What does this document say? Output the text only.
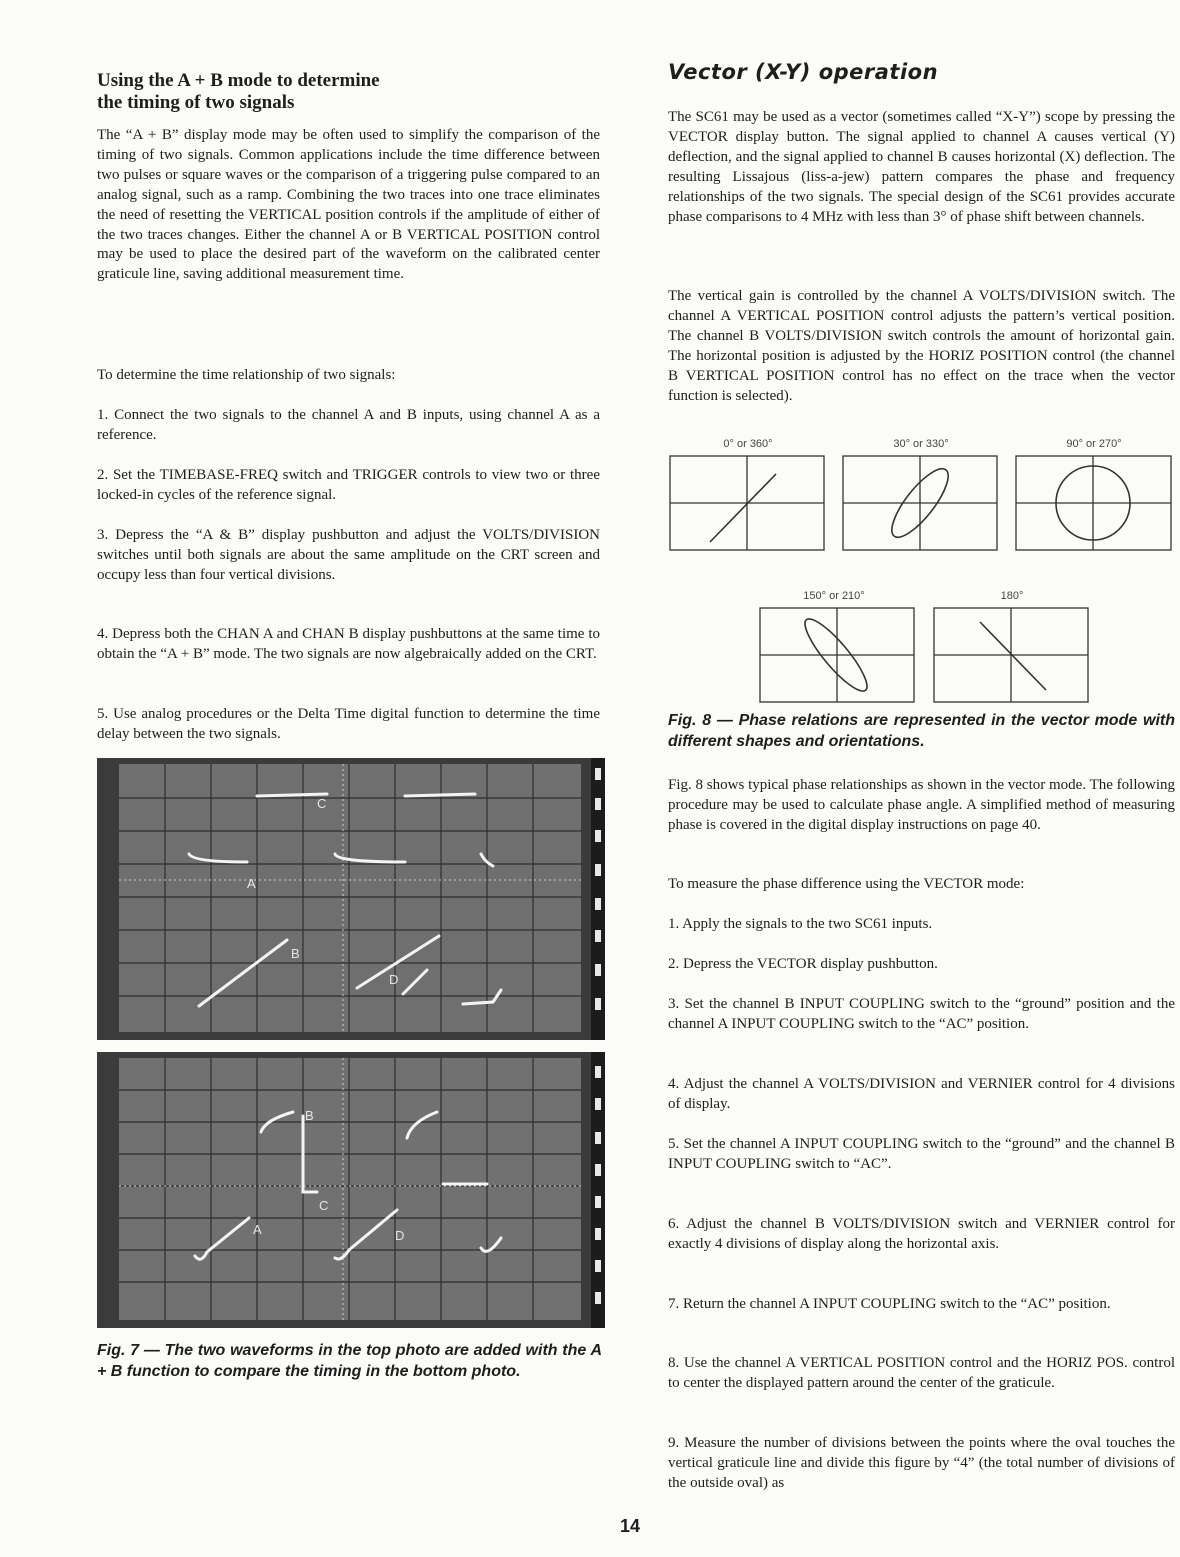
Using the A + B mode to determine
the timing of two signals

The “A + B” display mode may be often used to simplify the comparison of the timing of two signals. Common applications include the time difference between two pulses or square waves or the comparison of a triggering pulse compared to an analog signal, such as a ramp. Combining the two traces into one trace eliminates the need of resetting the VERTICAL position controls if the amplitude of either of the two traces changes. Either the channel A or B VERTICAL POSITION control may be used to place the desired part of the waveform on the calibrated center graticule line, saving additional measurement time.

To determine the time relationship of two signals:

1. Connect the two signals to the channel A and B inputs, using channel A as a reference.

2. Set the TIMEBASE-FREQ switch and TRIGGER controls to view two or three locked-in cycles of the reference signal.

3. Depress the “A & B” display pushbutton and adjust the VOLTS/DIVISION switches until both signals are about the same amplitude on the CRT screen and occupy less than four vertical divisions.

4. Depress both the CHAN A and CHAN B display pushbuttons at the same time to obtain the “A + B” mode. The two signals are now algebraically added on the CRT.

5. Use analog procedures or the Delta Time digital function to determine the time delay between the two signals.

C
A
B
D
B
C
A	D

Fig. 7 — The two waveforms in the top photo are added with the A + B function to compare the timing in the bottom photo.

Vector (X-Y) operation

The SC61 may be used as a vector (sometimes called “X-Y”) scope by pressing the VECTOR display button. The signal applied to channel A causes vertical (Y) deflection, and the signal applied to channel B causes horizontal (X) deflection. The resulting Lissajous (liss-a-jew) pattern compares the phase and frequency relationships of the two signals. The special design of the SC61 provides accurate phase comparisons to 4 MHz with less than 3° of phase shift between channels.

The vertical gain is controlled by the channel A VOLTS/DIVISION switch. The channel A VERTICAL POSITION control adjusts the pattern’s vertical position. The channel B VOLTS/DIVISION switch controls the amount of horizontal gain. The horizontal position is adjusted by the HORIZ POSITION control (the channel B VERTICAL POSITION control has no effect on the trace when the vector function is selected).

0° or 360°	30° or 330°	90° or 270°
150° or 210°	180°

Fig. 8 — Phase relations are represented in the vector mode with different shapes and orientations.

Fig. 8 shows typical phase relationships as shown in the vector mode. The following procedure may be used to calculate phase angle. A simplified method of measuring phase is covered in the digital display instructions on page 40.

To measure the phase difference using the VECTOR mode:

1. Apply the signals to the two SC61 inputs.

2. Depress the VECTOR display pushbutton.

3. Set the channel B INPUT COUPLING switch to the “ground” position and the channel A INPUT COUPLING switch to the “AC” position.

4. Adjust the channel A VOLTS/DIVISION and VERNIER control for 4 divisions of display.

5. Set the channel A INPUT COUPLING switch to the “ground” and the channel B INPUT COUPLING switch to “AC”.

6. Adjust the channel B VOLTS/DIVISION switch and VERNIER control for exactly 4 divisions of display along the horizontal axis.

7. Return the channel A INPUT COUPLING switch to the “AC” position.

8. Use the channel A VERTICAL POSITION control and the HORIZ POS. control to center the displayed pattern around the center of the graticule.

9. Measure the number of divisions between the points where the oval touches the vertical graticule line and divide this figure by “4” (the total number of divisions of the outside oval) as

14
